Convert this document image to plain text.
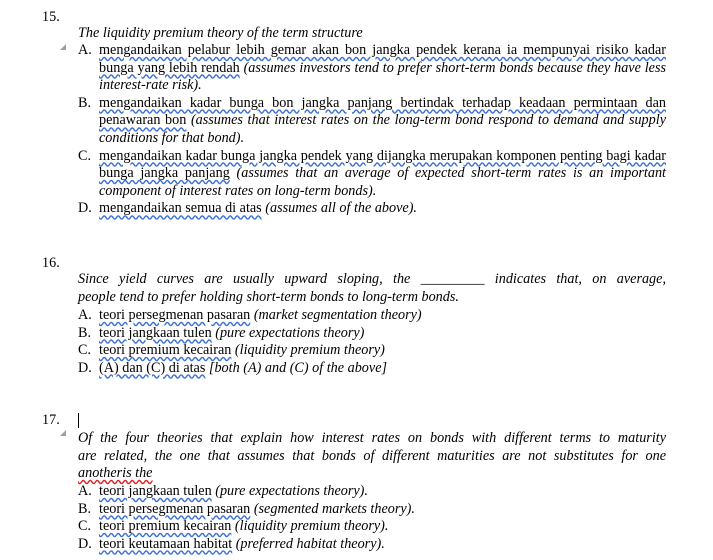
15.
The liquidity premium theory of the term structure
A. mengandaikan pelabur lebih gemar akan bon jangka pendek kerana ia mempunyai risiko kadar bunga yang lebih rendah (assumes investors tend to prefer short-term bonds because they have less interest-rate risk).
B. mengandaikan kadar bunga bon jangka panjang bertindak terhadap keadaan permintaan dan penawaran bon (assumes that interest rates on the long-term bond respond to demand and supply conditions for that bond).
C. mengandaikan kadar bunga jangka pendek yang dijangka merupakan komponen penting bagi kadar bunga jangka panjang (assumes that an average of expected short-term rates is an important component of interest rates on long-term bonds).
D. mengandaikan semua di atas (assumes all of the above).
16.
Since yield curves are usually upward sloping, the _________ indicates that, on average,
people tend to prefer holding short-term bonds to long-term bonds.
A. teori persegmenan pasaran (market segmentation theory)
B. teori jangkaan tulen (pure expectations theory)
C. teori premium kecairan (liquidity premium theory)
D. (A) dan (C) di atas [both (A) and (C) of the above]
17.
Of the four theories that explain how interest rates on bonds with different terms to maturity
are related, the one that assumes that bonds of different maturities are not substitutes for one
anotheris the
A. teori jangkaan tulen (pure expectations theory).
B. teori persegmenan pasaran (segmented markets theory).
C. teori premium kecairan (liquidity premium theory).
D. teori keutamaan habitat (preferred habitat theory).
